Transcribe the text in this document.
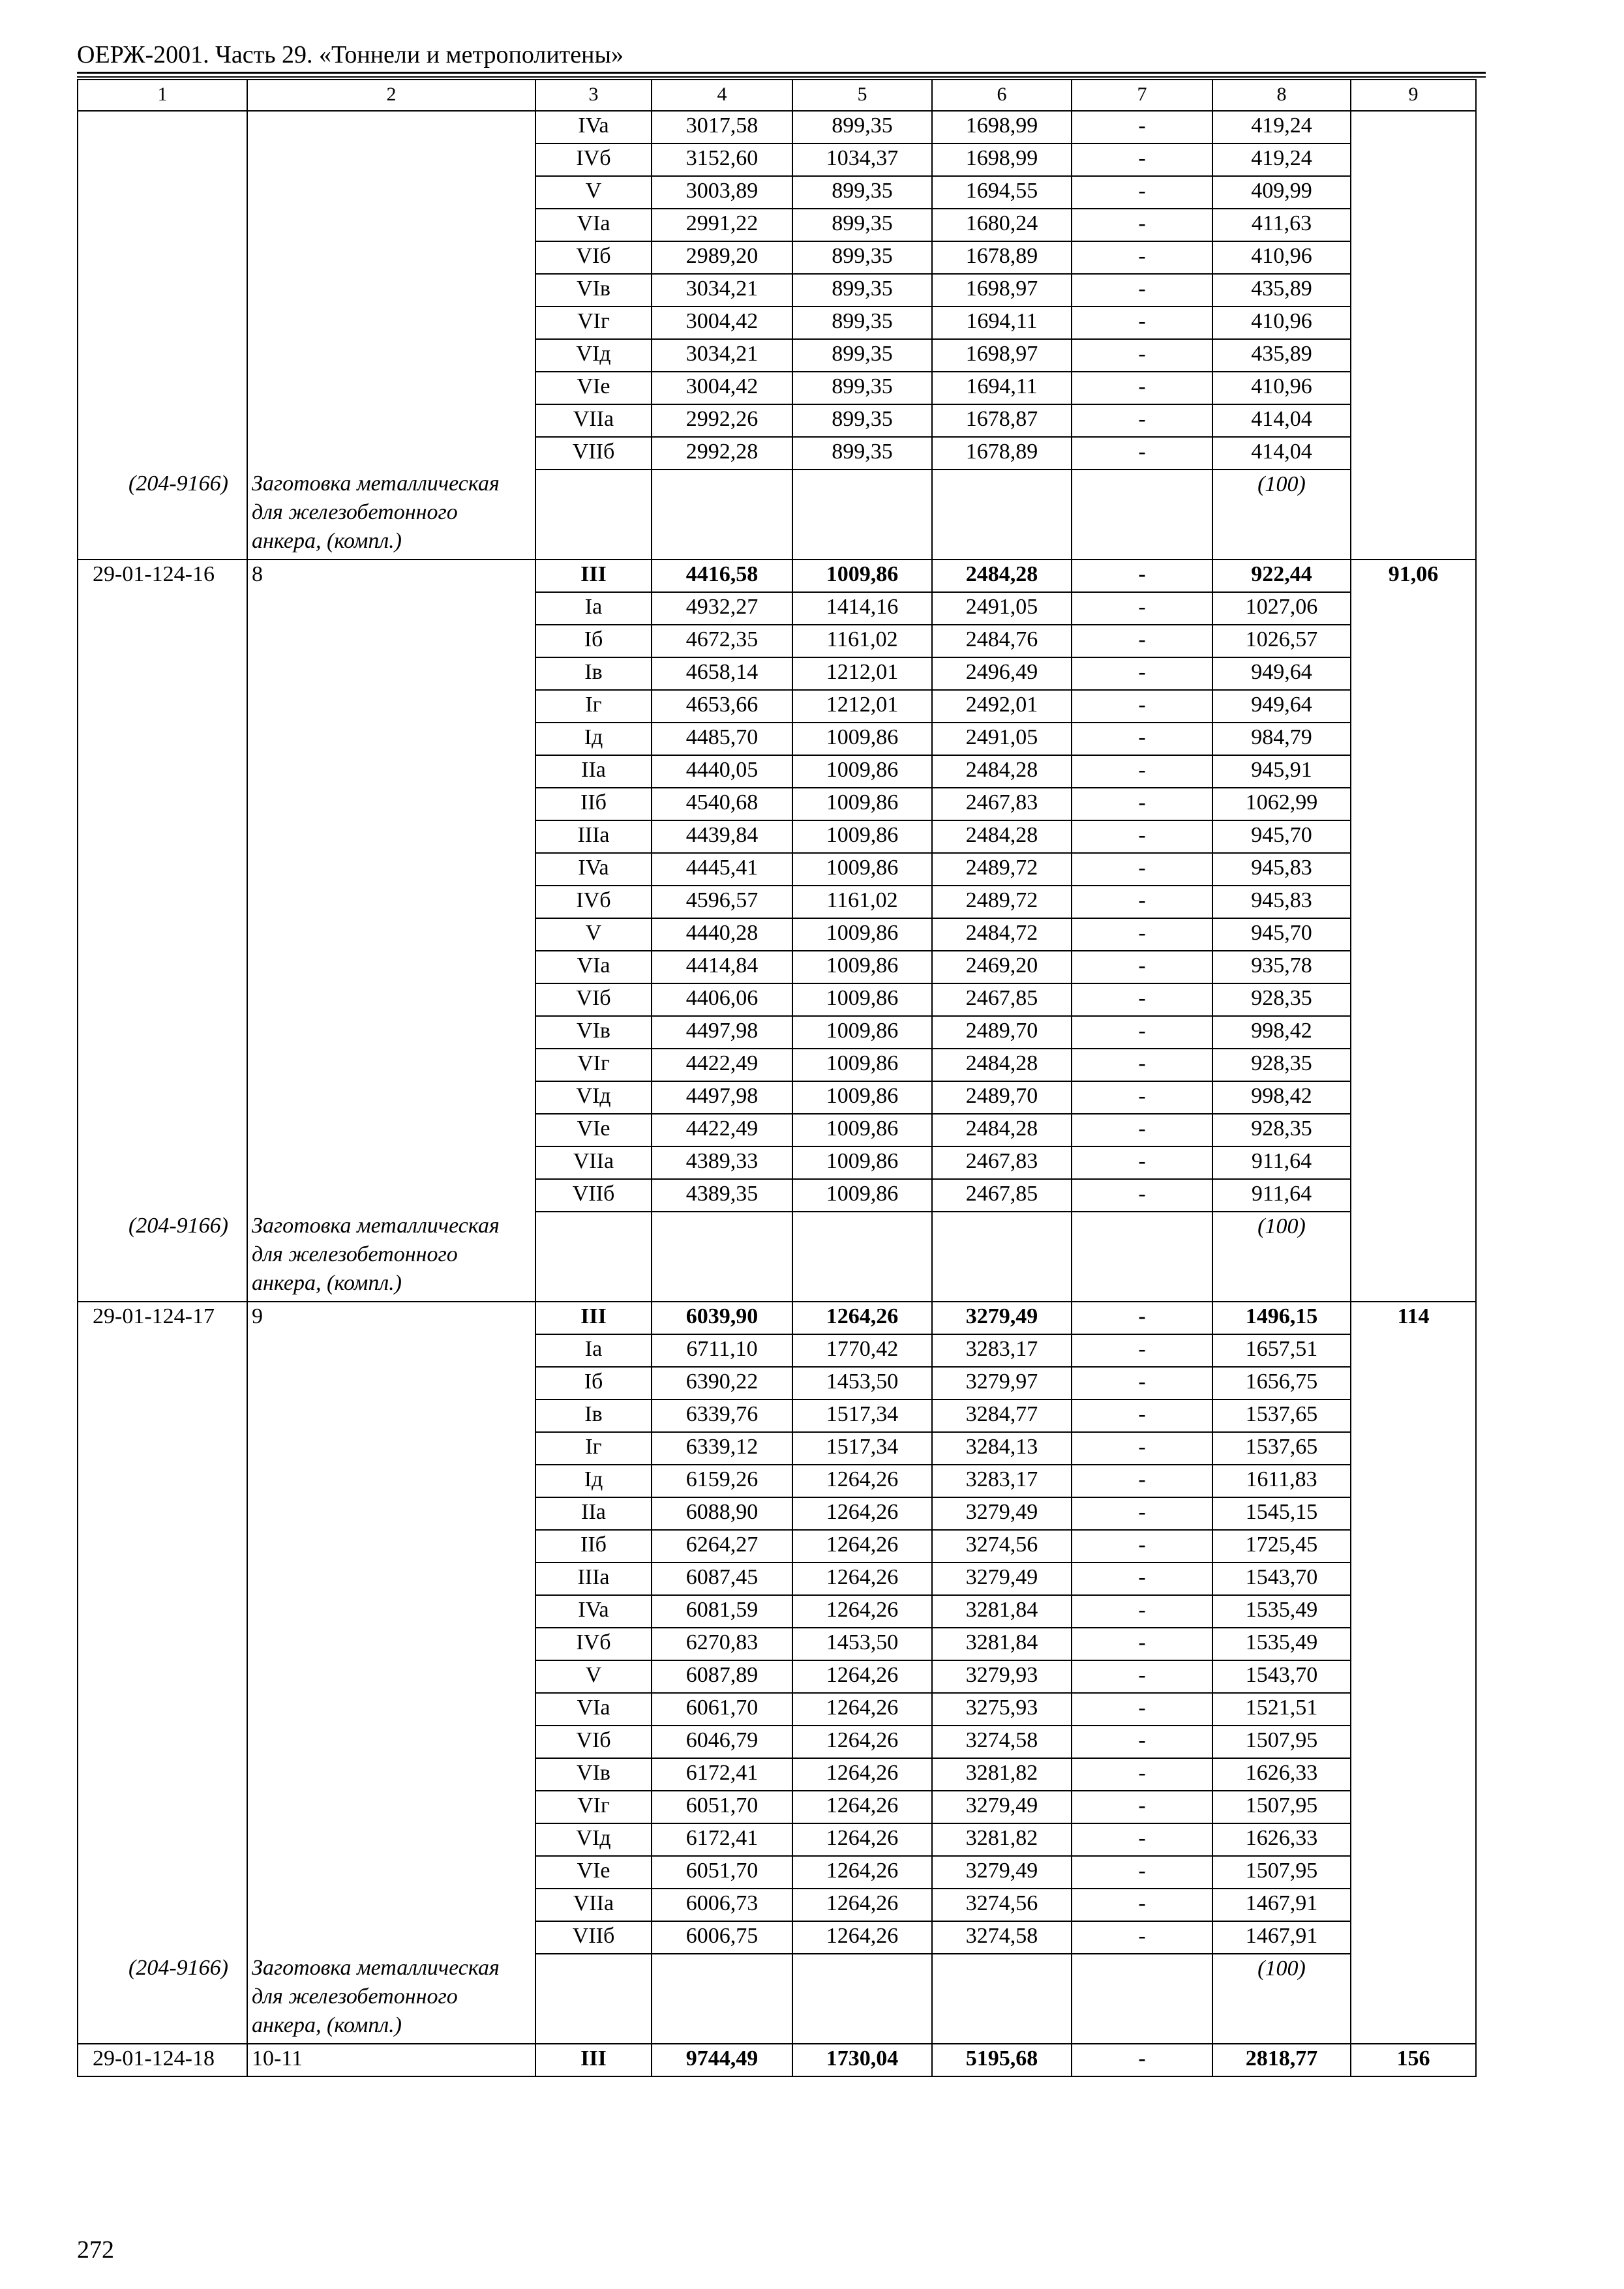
ОЕРЖ-2001. Часть 29. «Тоннели и метрополитены»
1	2	3	4	5	6	7	8	9
		IVa	3017,58	899,35	1698,99	-	419,24	
		IVб	3152,60	1034,37	1698,99	-	419,24	
		V	3003,89	899,35	1694,55	-	409,99	
		VIa	2991,22	899,35	1680,24	-	411,63	
		VIб	2989,20	899,35	1678,89	-	410,96	
		VIв	3034,21	899,35	1698,97	-	435,89	
		VIг	3004,42	899,35	1694,11	-	410,96	
		VIд	3034,21	899,35	1698,97	-	435,89	
		VIe	3004,42	899,35	1694,11	-	410,96	
		VIIa	2992,26	899,35	1678,87	-	414,04	
		VIIб	2992,28	899,35	1678,89	-	414,04	
(204-9166)	Заготовка металлическая для железобетонного анкера, (компл.)						(100)	
29-01-124-16	8	III	4416,58	1009,86	2484,28	-	922,44	91,06
		Ia	4932,27	1414,16	2491,05	-	1027,06	
		Iб	4672,35	1161,02	2484,76	-	1026,57	
		Iв	4658,14	1212,01	2496,49	-	949,64	
		Iг	4653,66	1212,01	2492,01	-	949,64	
		Iд	4485,70	1009,86	2491,05	-	984,79	
		IIa	4440,05	1009,86	2484,28	-	945,91	
		IIб	4540,68	1009,86	2467,83	-	1062,99	
		IIIa	4439,84	1009,86	2484,28	-	945,70	
		IVa	4445,41	1009,86	2489,72	-	945,83	
		IVб	4596,57	1161,02	2489,72	-	945,83	
		V	4440,28	1009,86	2484,72	-	945,70	
		VIa	4414,84	1009,86	2469,20	-	935,78	
		VIб	4406,06	1009,86	2467,85	-	928,35	
		VIв	4497,98	1009,86	2489,70	-	998,42	
		VIг	4422,49	1009,86	2484,28	-	928,35	
		VIд	4497,98	1009,86	2489,70	-	998,42	
		VIe	4422,49	1009,86	2484,28	-	928,35	
		VIIa	4389,33	1009,86	2467,83	-	911,64	
		VIIб	4389,35	1009,86	2467,85	-	911,64	
(204-9166)	Заготовка металлическая для железобетонного анкера, (компл.)						(100)	
29-01-124-17	9	III	6039,90	1264,26	3279,49	-	1496,15	114
		Ia	6711,10	1770,42	3283,17	-	1657,51	
		Iб	6390,22	1453,50	3279,97	-	1656,75	
		Iв	6339,76	1517,34	3284,77	-	1537,65	
		Iг	6339,12	1517,34	3284,13	-	1537,65	
		Iд	6159,26	1264,26	3283,17	-	1611,83	
		IIa	6088,90	1264,26	3279,49	-	1545,15	
		IIб	6264,27	1264,26	3274,56	-	1725,45	
		IIIa	6087,45	1264,26	3279,49	-	1543,70	
		IVa	6081,59	1264,26	3281,84	-	1535,49	
		IVб	6270,83	1453,50	3281,84	-	1535,49	
		V	6087,89	1264,26	3279,93	-	1543,70	
		VIa	6061,70	1264,26	3275,93	-	1521,51	
		VIб	6046,79	1264,26	3274,58	-	1507,95	
		VIв	6172,41	1264,26	3281,82	-	1626,33	
		VIг	6051,70	1264,26	3279,49	-	1507,95	
		VIд	6172,41	1264,26	3281,82	-	1626,33	
		VIe	6051,70	1264,26	3279,49	-	1507,95	
		VIIa	6006,73	1264,26	3274,56	-	1467,91	
		VIIб	6006,75	1264,26	3274,58	-	1467,91	
(204-9166)	Заготовка металлическая для железобетонного анкера, (компл.)						(100)	
29-01-124-18	10-11	III	9744,49	1730,04	5195,68	-	2818,77	156
272
